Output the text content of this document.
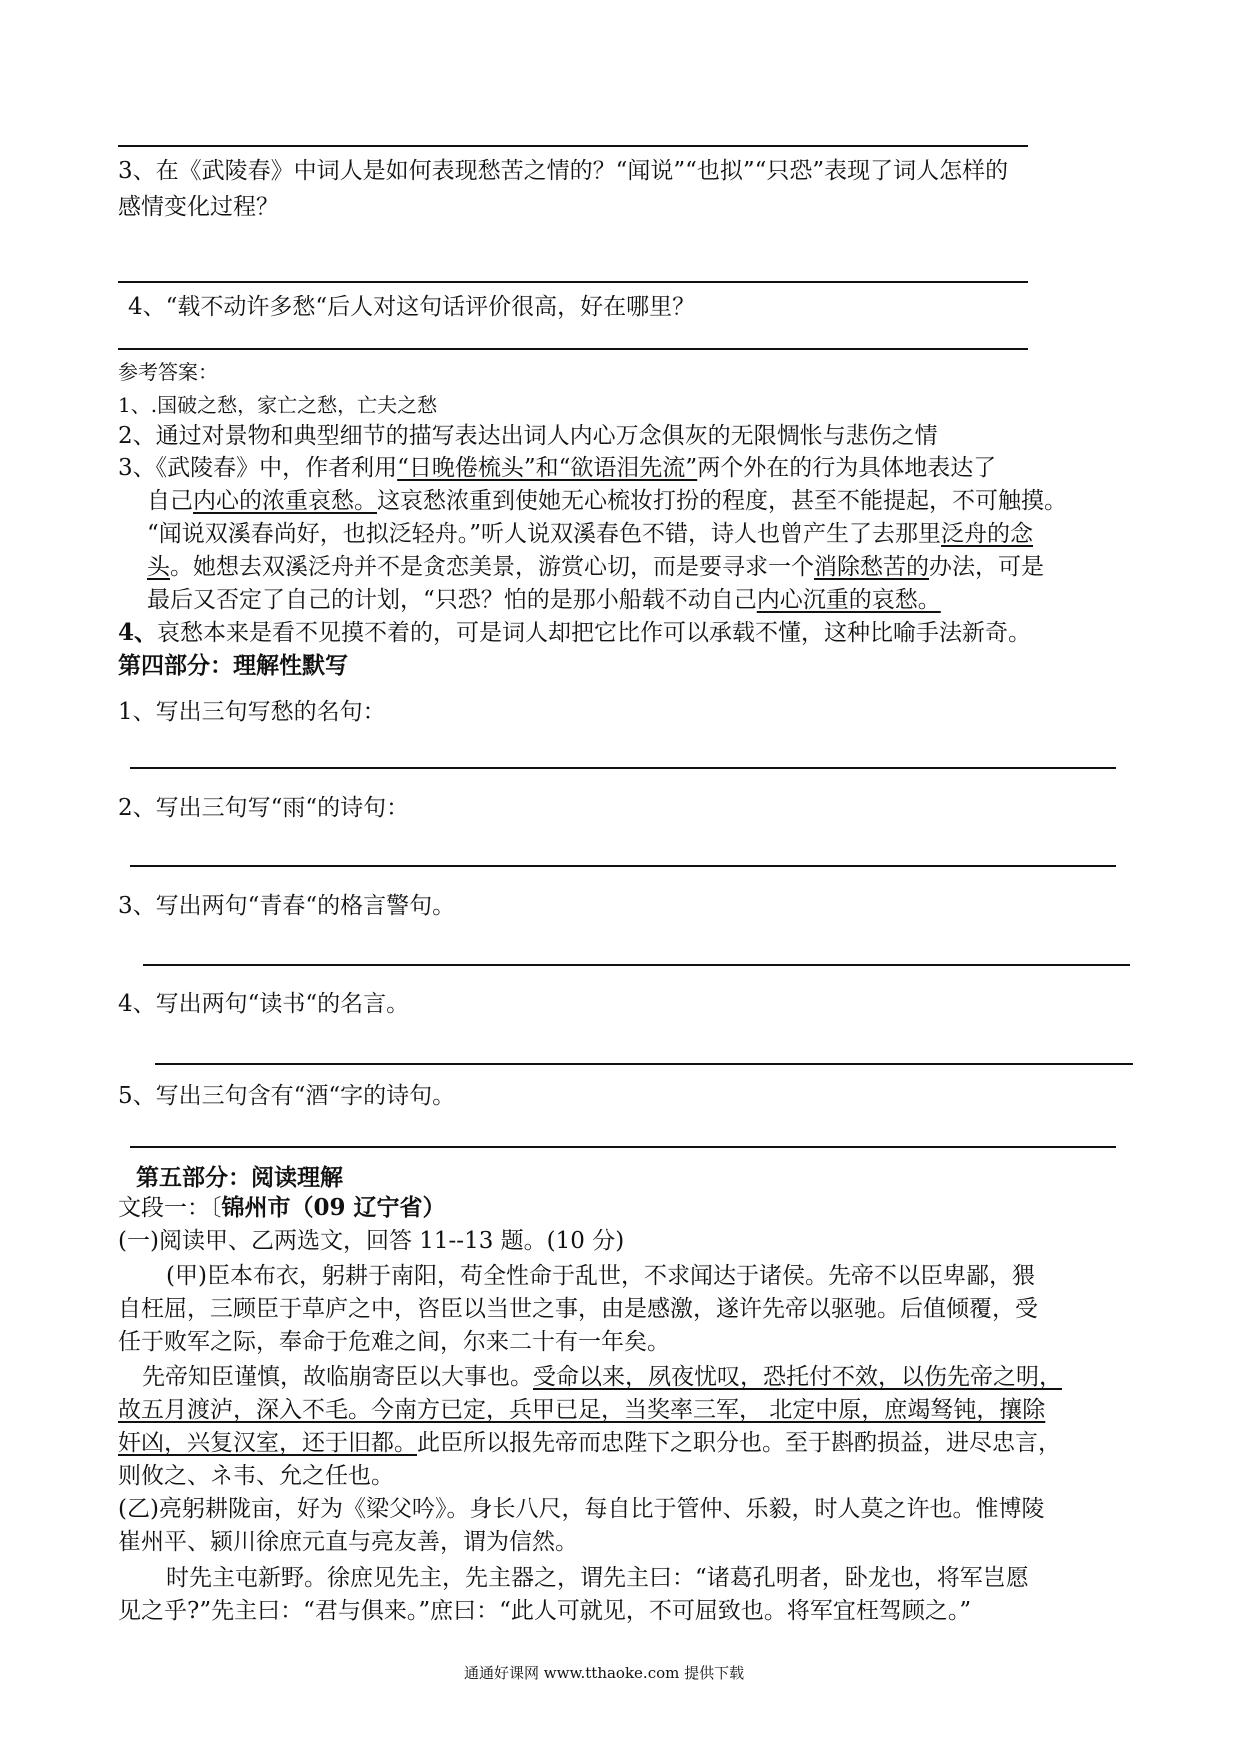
3、在《武陵春》中词人是如何表现愁苦之情的？“闻说”“也拟”“只恐”表现了词人怎样的
感情变化过程？
4、“载不动许多愁“后人对这句话评价很高，好在哪里？
参考答案：
1、.国破之愁，家亡之愁，亡夫之愁
2、通过对景物和典型细节的描写表达出词人内心万念俱灰的无限惆怅与悲伤之情
3、《武陵春》中，作者利用“日晚倦梳头”和“欲语泪先流”两个外在的行为具体地表达了
自己内心的浓重哀愁。这哀愁浓重到使她无心梳妆打扮的程度，甚至不能提起，不可触摸。
“闻说双溪春尚好，也拟泛轻舟。”听人说双溪春色不错，诗人也曾产生了去那里泛舟的念
头。她想去双溪泛舟并不是贪恋美景，游赏心切，而是要寻求一个消除愁苦的办法，可是
最后又否定了自己的计划，“只恐？怕的是那小船载不动自己内心沉重的哀愁。
4、哀愁本来是看不见摸不着的，可是词人却把它比作可以承载不懂，这种比喻手法新奇。
第四部分：理解性默写
1、写出三句写愁的名句：
2、写出三句写“雨“的诗句：
3、写出两句“青春“的格言警句。
4、写出两句“读书“的名言。
5、写出三句含有“酒“字的诗句。
第五部分：阅读理解
文段一：〔锦州市（09 辽宁省）
(一)阅读甲、乙两选文，回答 11--13 题。(10 分)
(甲)臣本布衣，躬耕于南阳，苟全性命于乱世，不求闻达于诸侯。先帝不以臣卑鄙，猥
自枉屈，三顾臣于草庐之中，咨臣以当世之事，由是感激，遂许先帝以驱驰。后值倾覆，受
任于败军之际，奉命于危难之间，尔来二十有一年矣。
先帝知臣谨慎，故临崩寄臣以大事也。受命以来，夙夜忧叹，恐托付不效，以伤先帝之明，
故五月渡泸，深入不毛。今南方已定，兵甲已足，当奖率三军， 北定中原，庶竭驽钝，攘除
奸凶，兴复汉室，还于旧都。此臣所以报先帝而忠陛下之职分也。至于斟酌损益，进尽忠言，
则攸之、ネ韦、允之任也。
(乙)亮躬耕陇亩，好为《梁父吟》。身长八尺，每自比于管仲、乐毅，时人莫之许也。惟博陵
崔州平、颍川徐庶元直与亮友善，谓为信然。
时先主屯新野。徐庶见先主，先主器之，谓先主曰：“诸葛孔明者，卧龙也，将军岂愿
见之乎?”先主曰：“君与俱来。”庶曰：“此人可就见，不可屈致也。将军宜枉驾顾之。”
通通好课网 www.tthaoke.com 提供下载
